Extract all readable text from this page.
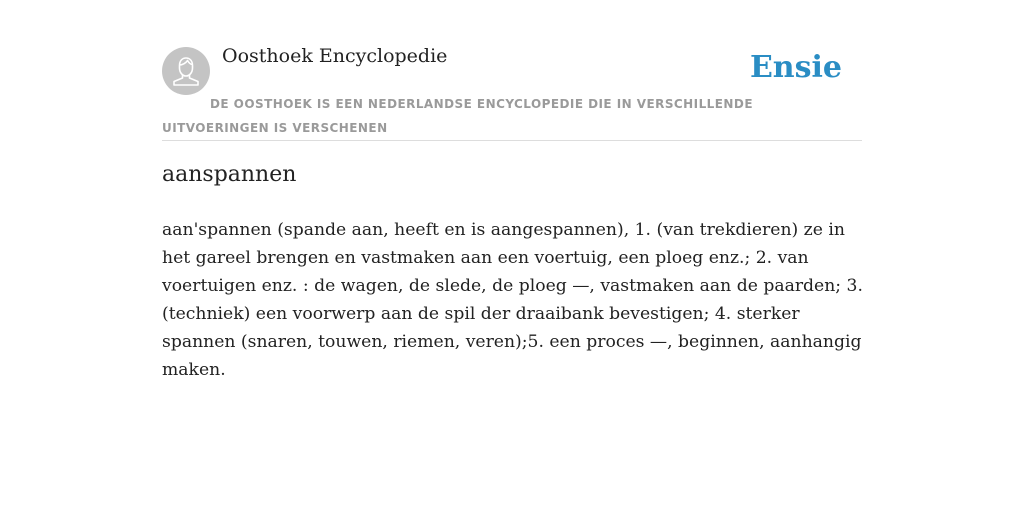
Oosthoek Encyclopedie	Ensie
DE OOSTHOEK IS EEN NEDERLANDSE ENCYCLOPEDIE DIE IN VERSCHILLENDE UITVOERINGEN IS VERSCHENEN
aanspannen

aan'spannen (spande aan, heeft en is aangespannen), 1. (van trekdieren) ze in het gareel brengen en vastmaken aan een voertuig, een ploeg enz.; 2. van voertuigen enz. : de wagen, de slede, de ploeg —, vastmaken aan de paarden; 3. (techniek) een voorwerp aan de spil der draaibank bevestigen; 4. sterker spannen (snaren, touwen, riemen, veren);5. een proces —, beginnen, aanhangig maken.
